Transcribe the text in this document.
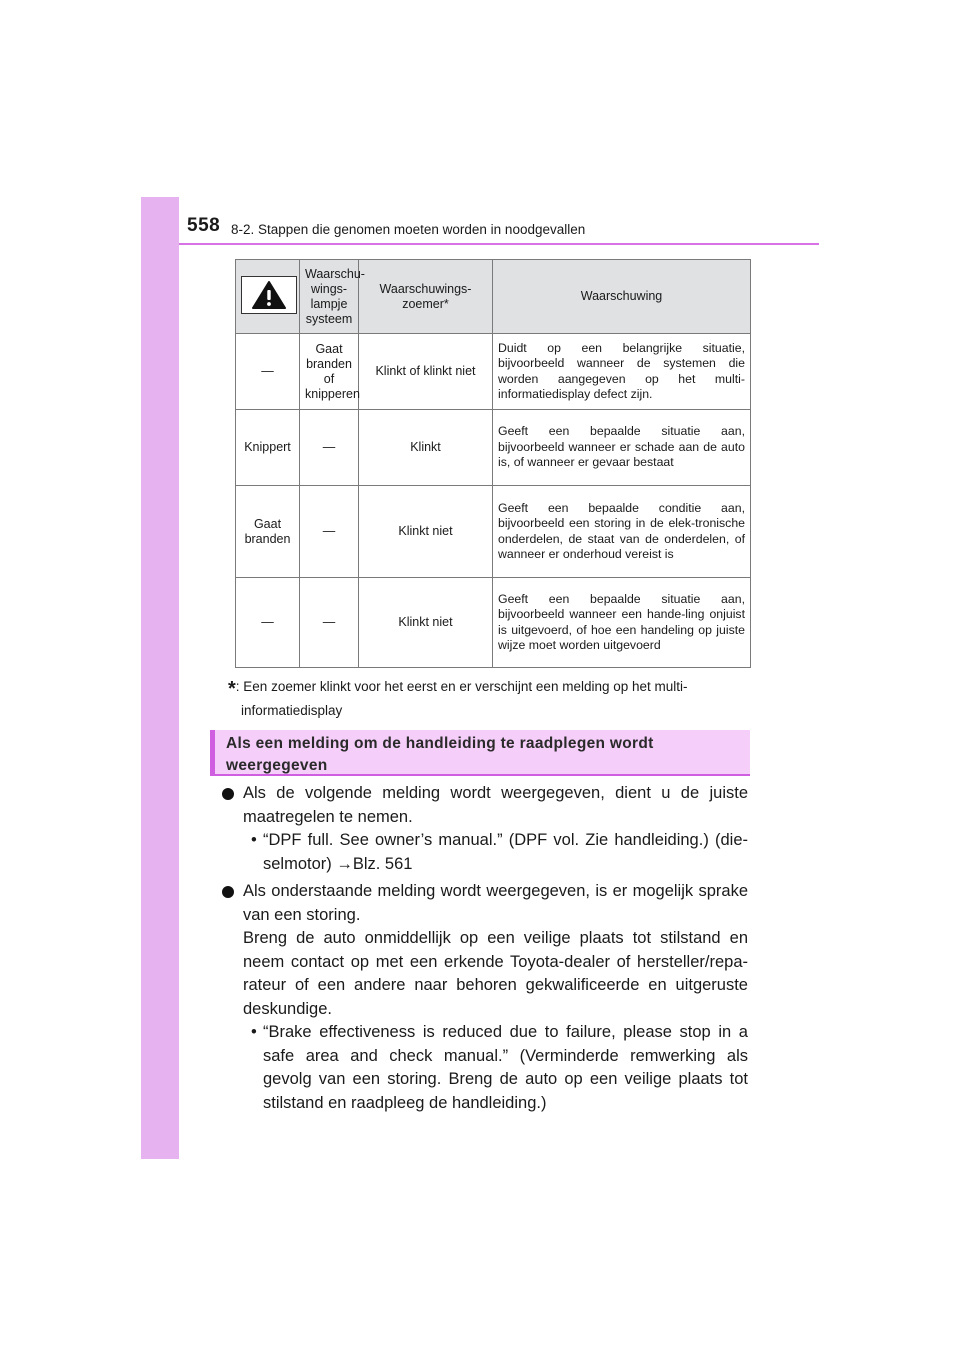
558 8-2. Stappen die genomen moeten worden in noodgevallen
	Waarschu-
wings-
lampje
systeem	Waarschuwings-
zoemer*	Waarschuwing
—	Gaat
branden of
knipperen	Klinkt of klinkt niet	Duidt op een belangrijke situatie, bijvoorbeeld wanneer de systemen die worden aangegeven op het multi-informatiedisplay defect zijn.
Knippert	—	Klinkt	Geeft een bepaalde situatie aan, bijvoorbeeld wanneer er schade aan de auto is, of wanneer er gevaar bestaat
Gaat
branden	—	Klinkt niet	Geeft een bepaalde conditie aan, bijvoorbeeld een storing in de elek-tronische onderdelen, de staat van de onderdelen, of wanneer er onderhoud vereist is
—	—	Klinkt niet	Geeft een bepaalde situatie aan, bijvoorbeeld wanneer een hande-ling onjuist is uitgevoerd, of hoe een handeling op juiste wijze moet worden uitgevoerd
*: Een zoemer klinkt voor het eerst en er verschijnt een melding op het multi-
informatiedisplay
Als een melding om de handleiding te raadplegen wordt
weergegeven
Als de volgende melding wordt weergegeven, dient u de juiste maatregelen te nemen.
• “DPF full. See owner’s manual.” (DPF vol. Zie handleiding.) (die-selmotor) →Blz. 561
Als onderstaande melding wordt weergegeven, is er mogelijk sprake van een storing.
Breng de auto onmiddellijk op een veilige plaats tot stilstand en neem contact op met een erkende Toyota-dealer of hersteller/repa-rateur of een andere naar behoren gekwalificeerde en uitgeruste deskundige.
• “Brake effectiveness is reduced due to failure, please stop in a safe area and check manual.” (Verminderde remwerking als gevolg van een storing. Breng de auto op een veilige plaats tot stilstand en raadpleeg de handleiding.)
